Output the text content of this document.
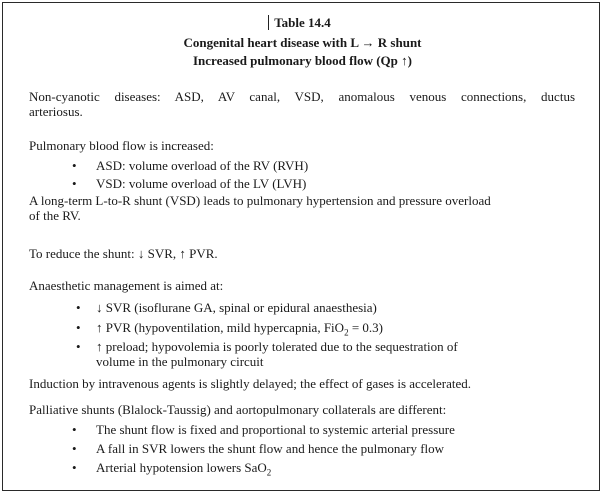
Table 14.4
Congenital heart disease with L → R shunt
Increased pulmonary blood flow (Qp ↑)
Non-cyanotic diseases: ASD, AV canal, VSD, anomalous venous connections, ductus
arteriosus.
Pulmonary blood flow is increased:
• ASD: volume overload of the RV (RVH)
• VSD: volume overload of the LV (LVH)
A long-term L-to-R shunt (VSD) leads to pulmonary hypertension and pressure overload
of the RV.
To reduce the shunt: ↓ SVR, ↑ PVR.
Anaesthetic management is aimed at:
• ↓ SVR (isoflurane GA, spinal or epidural anaesthesia)
• ↑ PVR (hypoventilation, mild hypercapnia, FiO$_2$ = 0.3)
• ↑ preload; hypovolemia is poorly tolerated due to the sequestration of
volume in the pulmonary circuit
Induction by intravenous agents is slightly delayed; the effect of gases is accelerated.
Palliative shunts (Blalock-Taussig) and aortopulmonary collaterals are different:
• The shunt flow is fixed and proportional to systemic arterial pressure
• A fall in SVR lowers the shunt flow and hence the pulmonary flow
• Arterial hypotension lowers SaO$_2$
